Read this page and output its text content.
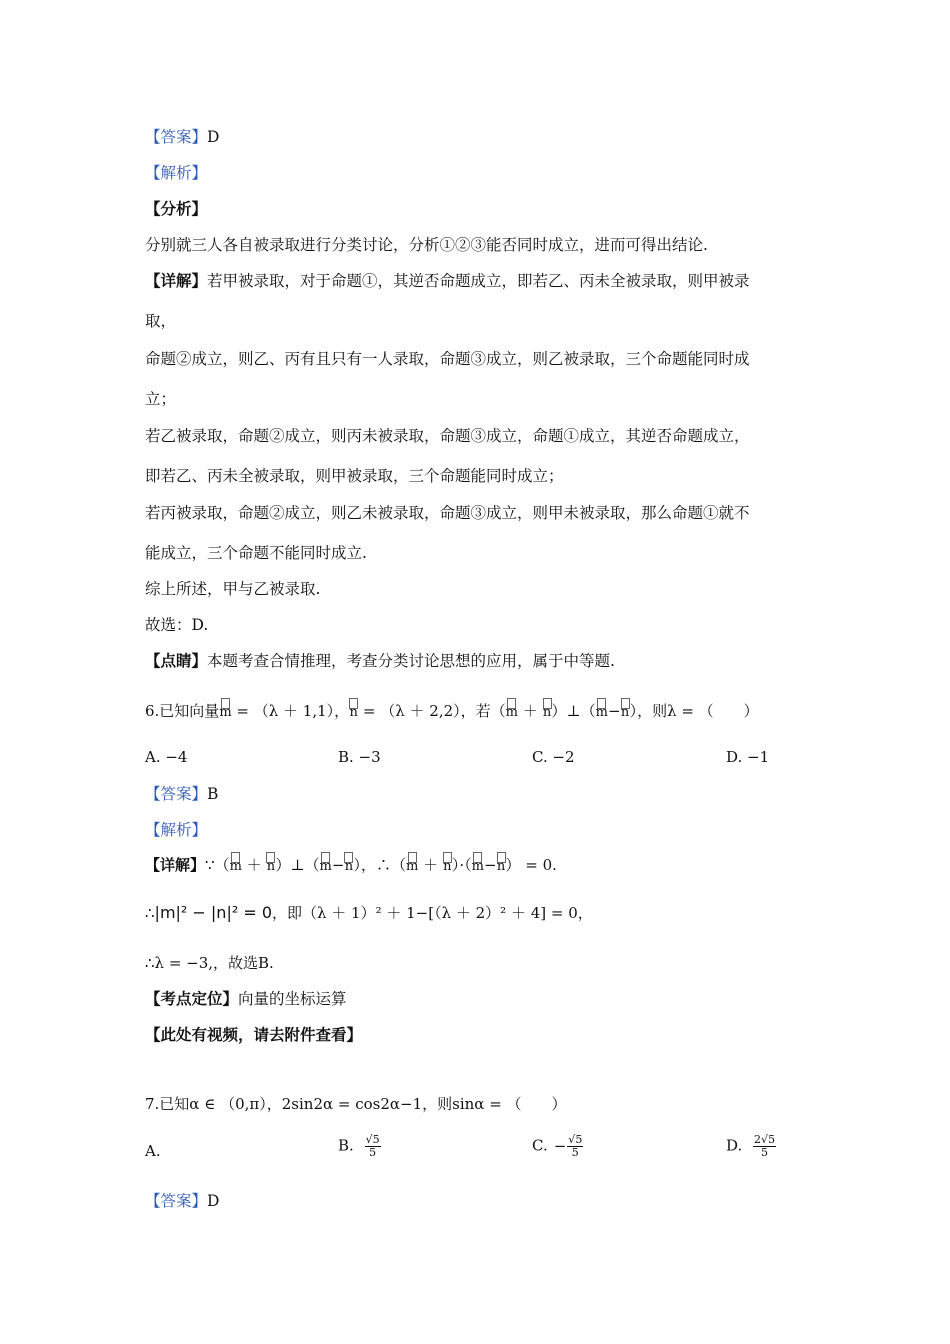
【答案】D
【解析】
【分析】
分别就三人各自被录取进行分类讨论，分析①②③能否同时成立，进而可得出结论.
【详解】若甲被录取，对于命题①，其逆否命题成立，即若乙、丙未全被录取，则甲被录
取，
命题②成立，则乙、丙有且只有一人录取，命题③成立，则乙被录取，三个命题能同时成
立；
若乙被录取，命题②成立，则丙未被录取，命题③成立，命题①成立，其逆否命题成立，
即若乙、丙未全被录取，则甲被录取，三个命题能同时成立；
若丙被录取，命题②成立，则乙未被录取，命题③成立，则甲未被录取，那么命题①就不
能成立，三个命题不能同时成立.
综上所述，甲与乙被录取.
故选：D.
【点睛】本题考查合情推理，考查分类讨论思想的应用，属于中等题.
6.已知向量 m = （λ ＋ 1,1）， n = （λ ＋ 2,2），若（ m ＋ n ）⊥（ m − n ），则λ = （　　）
A. −4	B. −3	C. −2	D. −1
【答案】B
【解析】
【详解】∵（ m ＋ n ）⊥（ m − n ），∴（ m ＋ n ）·（ m − n ） = 0.
∴|m|² − |n|² = 0，即（λ ＋ 1）² ＋ 1−[（λ ＋ 2）² ＋ 4] = 0，
∴λ = −3,，故选B.
【考点定位】向量的坐标运算
【此处有视频，请去附件查看】
7.已知α ∈ （0,π），2sin2α = cos2α−1，则sinα = （　　）
A.	B. $\frac{√5}{5}$	C. − $\frac{√5}{5}$	D. $\frac{2√5}{5}$
【答案】D
